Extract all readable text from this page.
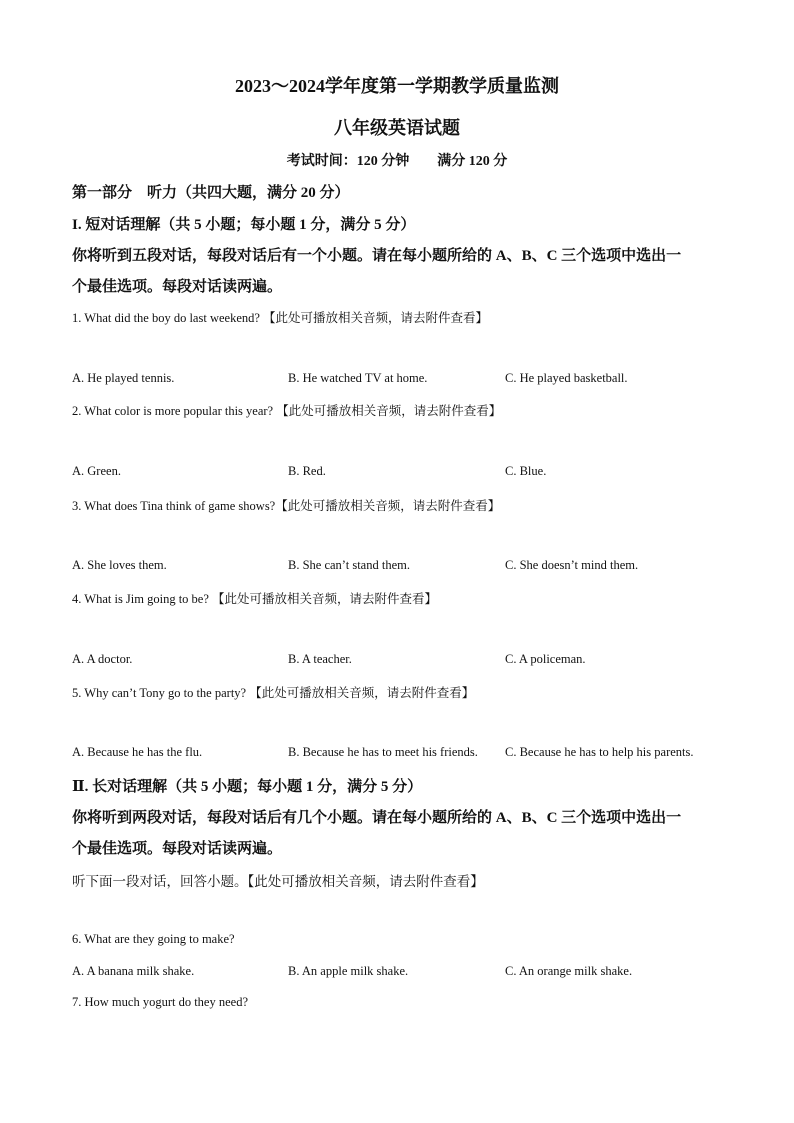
2023～2024学年度第一学期教学质量监测
八年级英语试题
考试时间：120 分钟　　满分 120 分
第一部分　听力（共四大题，满分 20 分）
I. 短对话理解（共 5 小题；每小题 1 分，满分 5 分）
你将听到五段对话，每段对话后有一个小题。请在每小题所给的 A、B、C 三个选项中选出一
个最佳选项。每段对话读两遍。
1. What did the boy do last weekend? 【此处可播放相关音频，请去附件查看】
A. He played tennis.	B. He watched TV at home.	C. He played basketball.
2. What color is more popular this year? 【此处可播放相关音频，请去附件查看】
A. Green.	B. Red.	C. Blue.
3. What does Tina think of game shows?【此处可播放相关音频，请去附件查看】
A. She loves them.	B. She can’t stand them.	C. She doesn’t mind them.
4. What is Jim going to be? 【此处可播放相关音频，请去附件查看】
A. A doctor.	B. A teacher.	C. A policeman.
5. Why can’t Tony go to the party? 【此处可播放相关音频，请去附件查看】
A. Because he has the flu.	B. Because he has to meet his friends. C. Because he has to help his parents.
Ⅱ. 长对话理解（共 5 小题；每小题 1 分，满分 5 分）
你将听到两段对话，每段对话后有几个小题。请在每小题所给的 A、B、C 三个选项中选出一
个最佳选项。每段对话读两遍。
听下面一段对话，回答小题。【此处可播放相关音频，请去附件查看】
6. What are they going to make?
A. A banana milk shake.	B. An apple milk shake.	C. An orange milk shake.
7. How much yogurt do they need?
